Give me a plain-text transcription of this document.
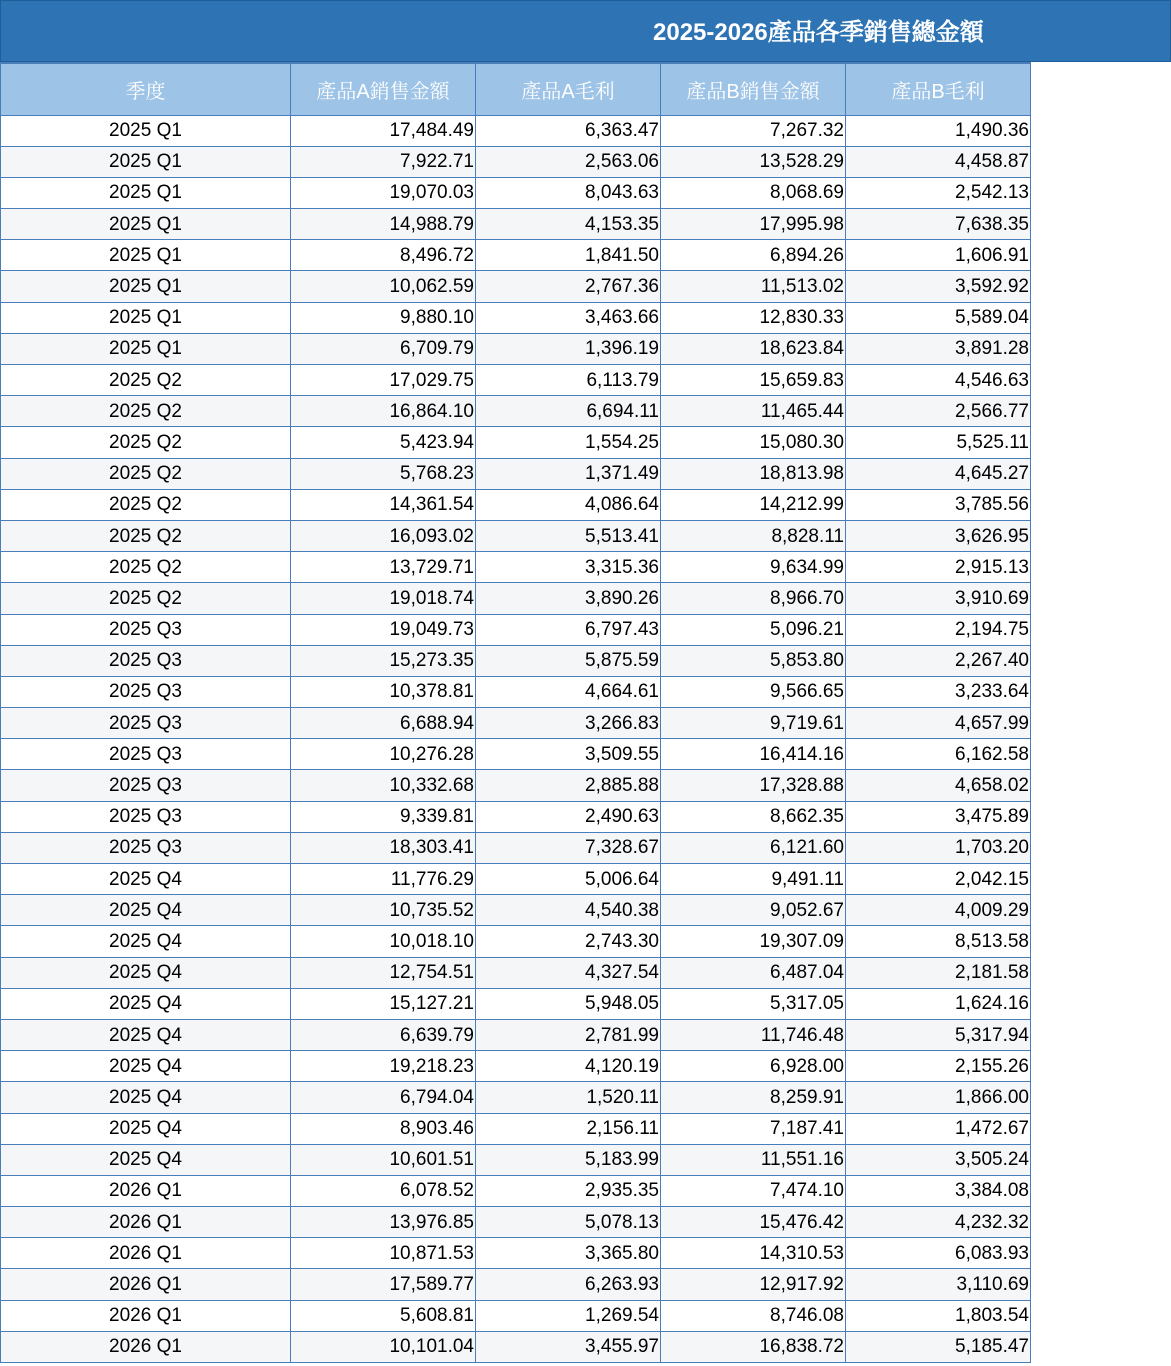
2025-2026產品各季銷售總金額
季度	產品A銷售金額	產品A毛利	產品B銷售金額	產品B毛利
2025 Q1	17,484.49	6,363.47	7,267.32	1,490.36
2025 Q1	7,922.71	2,563.06	13,528.29	4,458.87
2025 Q1	19,070.03	8,043.63	8,068.69	2,542.13
2025 Q1	14,988.79	4,153.35	17,995.98	7,638.35
2025 Q1	8,496.72	1,841.50	6,894.26	1,606.91
2025 Q1	10,062.59	2,767.36	11,513.02	3,592.92
2025 Q1	9,880.10	3,463.66	12,830.33	5,589.04
2025 Q1	6,709.79	1,396.19	18,623.84	3,891.28
2025 Q2	17,029.75	6,113.79	15,659.83	4,546.63
2025 Q2	16,864.10	6,694.11	11,465.44	2,566.77
2025 Q2	5,423.94	1,554.25	15,080.30	5,525.11
2025 Q2	5,768.23	1,371.49	18,813.98	4,645.27
2025 Q2	14,361.54	4,086.64	14,212.99	3,785.56
2025 Q2	16,093.02	5,513.41	8,828.11	3,626.95
2025 Q2	13,729.71	3,315.36	9,634.99	2,915.13
2025 Q2	19,018.74	3,890.26	8,966.70	3,910.69
2025 Q3	19,049.73	6,797.43	5,096.21	2,194.75
2025 Q3	15,273.35	5,875.59	5,853.80	2,267.40
2025 Q3	10,378.81	4,664.61	9,566.65	3,233.64
2025 Q3	6,688.94	3,266.83	9,719.61	4,657.99
2025 Q3	10,276.28	3,509.55	16,414.16	6,162.58
2025 Q3	10,332.68	2,885.88	17,328.88	4,658.02
2025 Q3	9,339.81	2,490.63	8,662.35	3,475.89
2025 Q3	18,303.41	7,328.67	6,121.60	1,703.20
2025 Q4	11,776.29	5,006.64	9,491.11	2,042.15
2025 Q4	10,735.52	4,540.38	9,052.67	4,009.29
2025 Q4	10,018.10	2,743.30	19,307.09	8,513.58
2025 Q4	12,754.51	4,327.54	6,487.04	2,181.58
2025 Q4	15,127.21	5,948.05	5,317.05	1,624.16
2025 Q4	6,639.79	2,781.99	11,746.48	5,317.94
2025 Q4	19,218.23	4,120.19	6,928.00	2,155.26
2025 Q4	6,794.04	1,520.11	8,259.91	1,866.00
2025 Q4	8,903.46	2,156.11	7,187.41	1,472.67
2025 Q4	10,601.51	5,183.99	11,551.16	3,505.24
2026 Q1	6,078.52	2,935.35	7,474.10	3,384.08
2026 Q1	13,976.85	5,078.13	15,476.42	4,232.32
2026 Q1	10,871.53	3,365.80	14,310.53	6,083.93
2026 Q1	17,589.77	6,263.93	12,917.92	3,110.69
2026 Q1	5,608.81	1,269.54	8,746.08	1,803.54
2026 Q1	10,101.04	3,455.97	16,838.72	5,185.47
